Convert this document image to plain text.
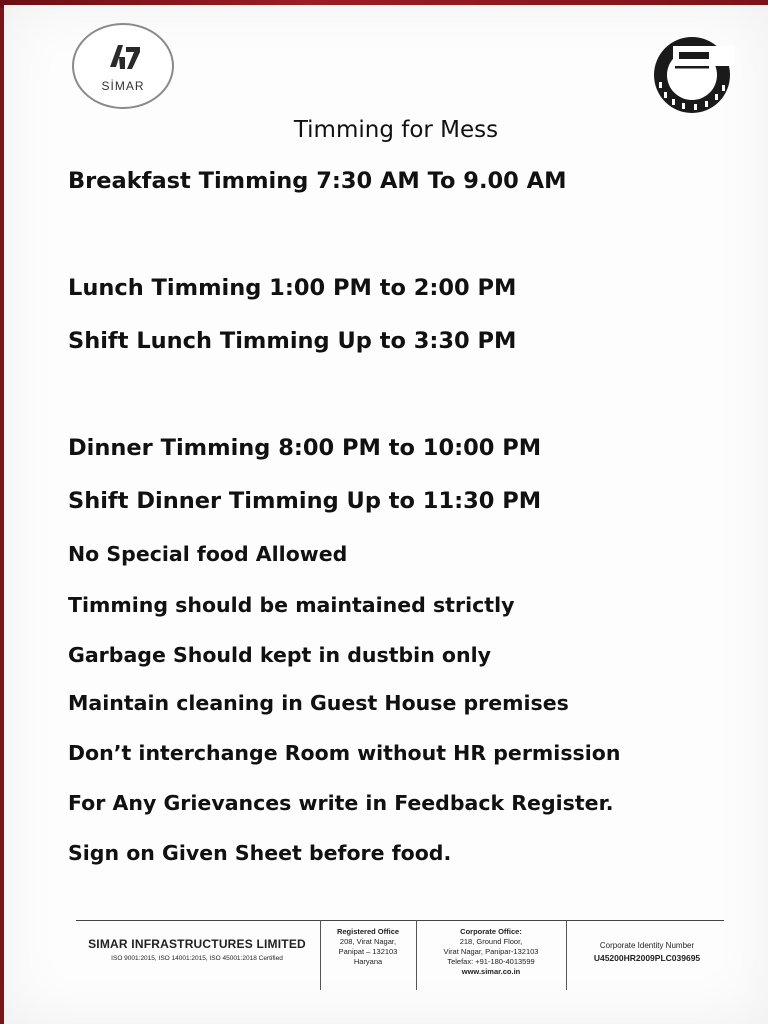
SİMAR
Timming for Mess
Breakfast Timming 7:30 AM To 9.00 AM
Lunch Timming 1:00 PM to 2:00 PM
Shift Lunch Timming Up to 3:30 PM
Dinner Timming 8:00 PM to 10:00 PM
Shift Dinner Timming Up to 11:30 PM
No Special food Allowed
Timming should be maintained strictly
Garbage Should kept in dustbin only
Maintain cleaning in Guest House premises
Don’t interchange Room without HR permission
For Any Grievances write in Feedback Register.
Sign on Given Sheet before food.
SIMAR INFRASTRUCTURES LIMITED
ISO 9001:2015, ISO 14001:2015, ISO 45001:2018 Certified
Registered Office
208, Virat Nagar,
Panipat – 132103
Haryana
Corporate Office:
218, Ground Floor,
Virat Nagar, Panipar-132103
Telefax: +91-180-4013599
www.simar.co.in
Corporate Identity Number
U45200HR2009PLC039695
